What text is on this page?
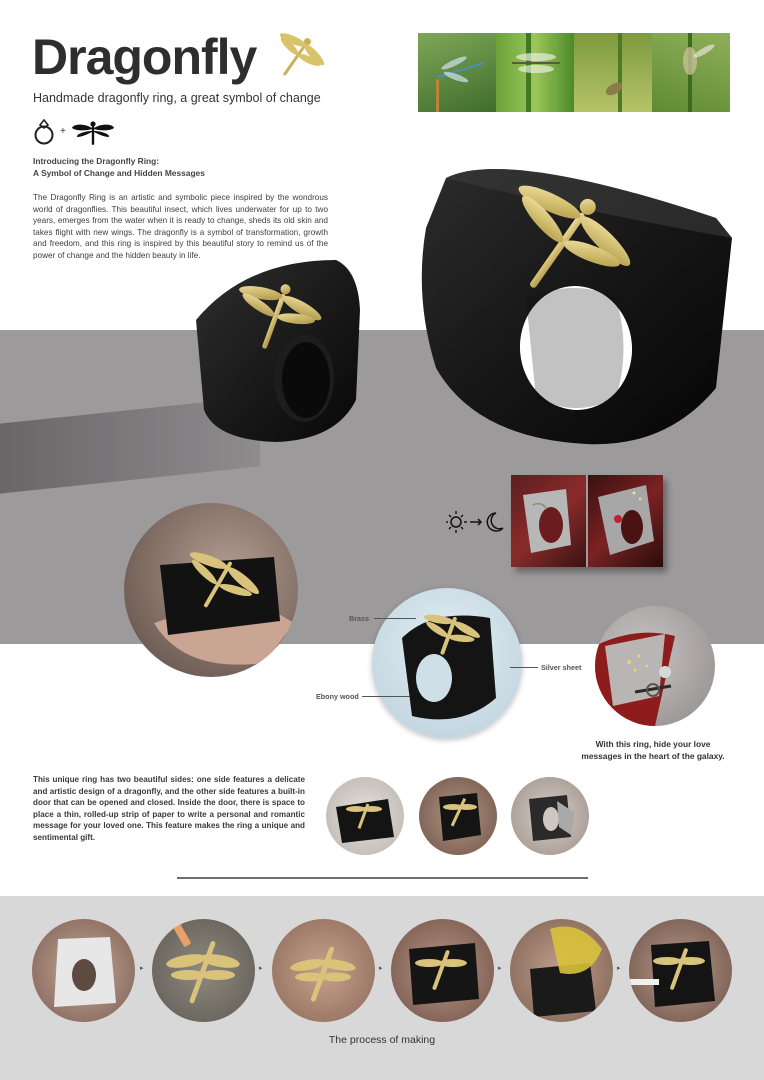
Dragonfly
Handmade dragonfly ring, a great symbol of change
+
Introducing the Dragonfly Ring:
A Symbol of Change and Hidden Messages

The Dragonfly Ring is an artistic and symbolic piece inspired by the wondrous world of dragonflies. This beautiful insect, which lives underwater for up to two years, emerges from the water when it is ready to change, sheds its old skin and takes flight with new wings. The dragonfly is a symbol of transformation, growth and freedom, and this ring is inspired by this beautiful story to remind us of the power of change and the hidden beauty in life.

Brass
Silver sheet
Ebony wood

With this ring, hide your love messages in the heart of the galaxy.

This unique ring has two beautiful sides: one side features a delicate and artistic design of a dragonfly, and the other side features a built-in door that can be opened and closed. Inside the door, there is space to place a thin, rolled-up strip of paper to write a personal and romantic message for your loved one. This feature makes the ring a unique and sentimental gift.

▸	▸	▸	▸	▸

The process of making
